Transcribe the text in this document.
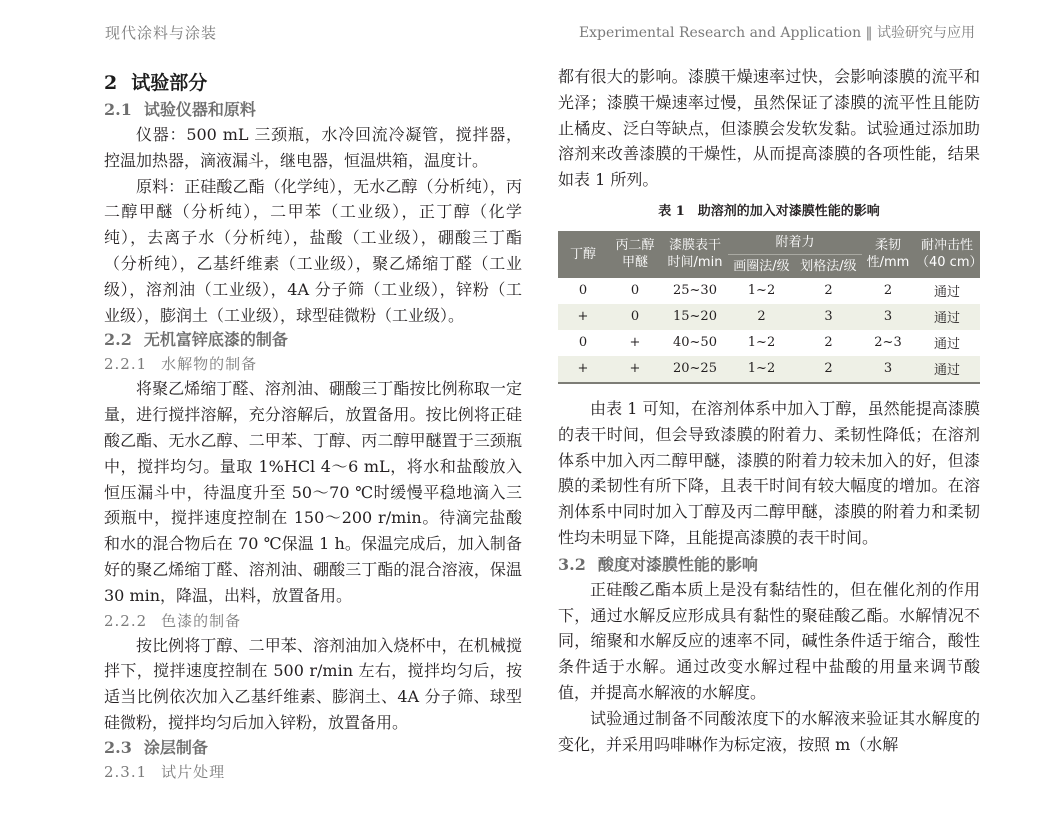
现代涂料与涂装	Experimental Research and Application ‖ 试验研究与应用
2 试验部分
2.1 试验仪器和原料

仪器：500 mL 三颈瓶，水冷回流冷凝管，搅拌器，控温加热器，滴液漏斗，继电器，恒温烘箱，温度计。

原料：正硅酸乙酯（化学纯），无水乙醇（分析纯），丙二醇甲醚（分析纯），二甲苯（工业级），正丁醇（化学纯），去离子水（分析纯），盐酸（工业级），硼酸三丁酯（分析纯），乙基纤维素（工业级），聚乙烯缩丁醛（工业级），溶剂油（工业级），4A 分子筛（工业级），锌粉（工业级），膨润土（工业级），球型硅微粉（工业级）。

2.2 无机富锌底漆的制备
2.2.1 水解物的制备

将聚乙烯缩丁醛、溶剂油、硼酸三丁酯按比例称取一定量，进行搅拌溶解，充分溶解后，放置备用。按比例将正硅酸乙酯、无水乙醇、二甲苯、丁醇、丙二醇甲醚置于三颈瓶中，搅拌均匀。量取 1%HCl 4～6 mL，将水和盐酸放入恒压漏斗中，待温度升至 50～70 ℃时缓慢平稳地滴入三颈瓶中，搅拌速度控制在 150～200 r/min。待滴完盐酸和水的混合物后在 70 ℃保温 1 h。保温完成后，加入制备好的聚乙烯缩丁醛、溶剂油、硼酸三丁酯的混合溶液，保温 30 min，降温，出料，放置备用。

2.2.2 色漆的制备

按比例将丁醇、二甲苯、溶剂油加入烧杯中，在机械搅拌下，搅拌速度控制在 500 r/min 左右，搅拌均匀后，按适当比例依次加入乙基纤维素、膨润土、4A 分子筛、球型硅微粉，搅拌均匀后加入锌粉，放置备用。

2.3 涂层制备
2.3.1 试片处理

都有很大的影响。漆膜干燥速率过快，会影响漆膜的流平和光泽；漆膜干燥速率过慢，虽然保证了漆膜的流平性且能防止橘皮、泛白等缺点，但漆膜会发软发黏。试验通过添加助溶剂来改善漆膜的干燥性，从而提高漆膜的各项性能，结果如表 1 所列。

表 1　助溶剂的加入对漆膜性能的影响
丁醇	丙二醇甲醚	漆膜表干时间/min	附着力		柔韧性/mm	耐冲击性（40 cm）
			画圈法/级	划格法/级		
0	0	25~30	1~2	2	2	通过
+	0	15~20	2	3	3	通过
0	+	40~50	1~2	2	2~3	通过
+	+	20~25	1~2	2	3	通过

由表 1 可知，在溶剂体系中加入丁醇，虽然能提高漆膜的表干时间，但会导致漆膜的附着力、柔韧性降低；在溶剂体系中加入丙二醇甲醚，漆膜的附着力较未加入的好，但漆膜的柔韧性有所下降，且表干时间有较大幅度的增加。在溶剂体系中同时加入丁醇及丙二醇甲醚，漆膜的附着力和柔韧性均未明显下降，且能提高漆膜的表干时间。

3.2 酸度对漆膜性能的影响

正硅酸乙酯本质上是没有黏结性的，但在催化剂的作用下，通过水解反应形成具有黏性的聚硅酸乙酯。水解情况不同，缩聚和水解反应的速率不同，碱性条件适于缩合，酸性条件适于水解。通过改变水解过程中盐酸的用量来调节酸值，并提高水解液的水解度。

试验通过制备不同酸浓度下的水解液来验证其水解度的变化，并采用吗啡啉作为标定液，按照 m（水解
